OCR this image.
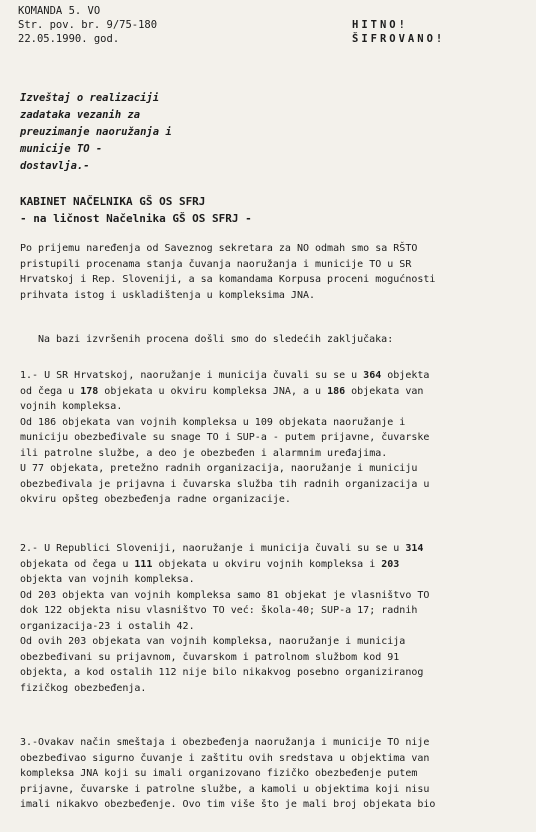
KOMANDA 5. VO
Str. pov. br. 9/75-180
22.05.1990. god.
HITNO!
ŠIFROVANO!
Izveštaj o realizaciji
zadataka vezanih za
preuzimanje naoružanja i
municije TO -
dostavlja.-
KABINET NAČELNIKA GŠ OS SFRJ
- na ličnost Načelnika GŠ OS SFRJ -
Po prijemu naređenja od Saveznog sekretara za NO odmah smo sa RŠTO
pristupili procenama stanja čuvanja naoružanja i municije TO u SR
Hrvatskoj i Rep. Sloveniji, a sa komandama Korpusa proceni mogućnosti
prihvata istog i uskladištenja u kompleksima JNA.
Na bazi izvršenih procena došli smo do sledećih zaključaka:
1.- U SR Hrvatskoj, naoružanje i municija čuvali su se u 364 objekta
od čega u 178 objekata u okviru kompleksa JNA, a u 186 objekata van
vojnih kompleksa.
Od 186 objekata van vojnih kompleksa u 109 objekata naoružanje i
municiju obezbeđivale su snage TO i SUP-a - putem prijavne, čuvarske
ili patrolne službe, a deo je obezbeđen i alarmnim uređajima.
U 77 objekata, pretežno radnih organizacija, naoružanje i municiju
obezbeđivala je prijavna i čuvarska služba tih radnih organizacija u
okviru opšteg obezbeđenja radne organizacije.
2.- U Republici Sloveniji, naoružanje i municija čuvali su se u 314
objekata od čega u 111 objekata u okviru vojnih kompleksa i 203
objekta van vojnih kompleksa.
Od 203 objekta van vojnih kompleksa samo 81 objekat je vlasništvo TO
dok 122 objekta nisu vlasništvo TO već: škola-40; SUP-a 17; radnih
organizacija-23 i ostalih 42.
Od ovih 203 objekata van vojnih kompleksa, naoružanje i municija
obezbeđivani su prijavnom, čuvarskom i patrolnom službom kod 91
objekta, a kod ostalih 112 nije bilo nikakvog posebno organiziranog
fizičkog obezbeđenja.
3.-Ovakav način smeštaja i obezbeđenja naoružanja i municije TO nije
obezbeđivao sigurno čuvanje i zaštitu ovih sredstava u objektima van
kompleksa JNA koji su imali organizovano fizičko obezbeđenje putem
prijavne, čuvarske i patrolne službe, a kamoli u objektima koji nisu
imali nikakvo obezbeđenje. Ovo tim više što je mali broj objekata bio
